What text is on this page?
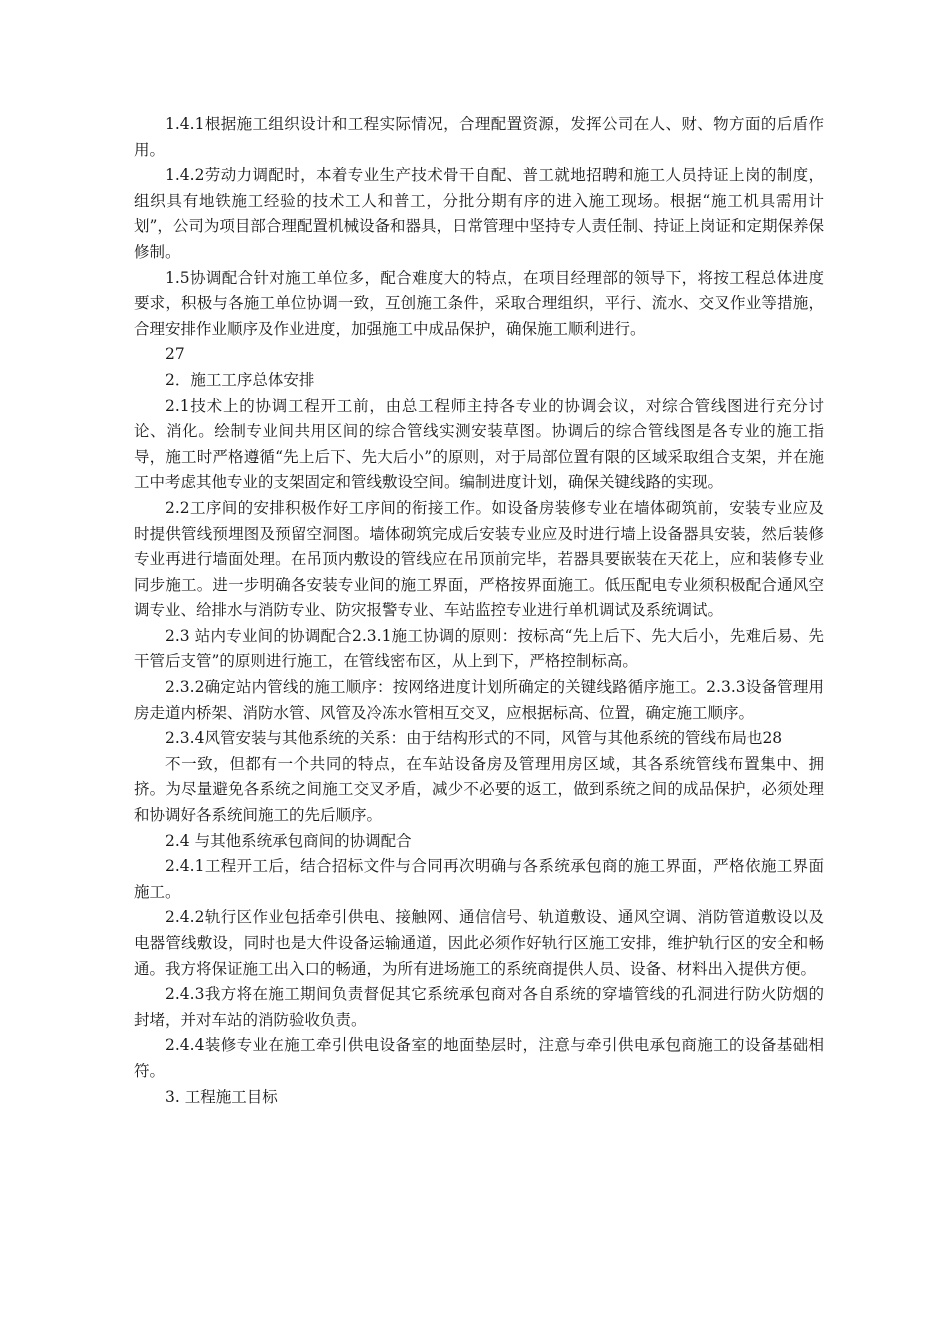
1.4.1根据施工组织设计和工程实际情况，合理配置资源，发挥公司在人、财、物方面的后盾作用。

1.4.2劳动力调配时，本着专业生产技术骨干自配、普工就地招聘和施工人员持证上岗的制度，组织具有地铁施工经验的技术工人和普工，分批分期有序的进入施工现场。根据“施工机具需用计划”，公司为项目部合理配置机械设备和器具，日常管理中坚持专人责任制、持证上岗证和定期保养保修制。

1.5协调配合针对施工单位多，配合难度大的特点，在项目经理部的领导下，将按工程总体进度要求，积极与各施工单位协调一致，互创施工条件，采取合理组织，平行、流水、交叉作业等措施，合理安排作业顺序及作业进度，加强施工中成品保护，确保施工顺利进行。

27

2．施工工序总体安排

2.1技术上的协调工程开工前，由总工程师主持各专业的协调会议，对综合管线图进行充分讨论、消化。绘制专业间共用区间的综合管线实测安装草图。协调后的综合管线图是各专业的施工指导，施工时严格遵循“先上后下、先大后小”的原则，对于局部位置有限的区域采取组合支架，并在施工中考虑其他专业的支架固定和管线敷设空间。编制进度计划，确保关键线路的实现。

2.2工序间的安排积极作好工序间的衔接工作。如设备房装修专业在墙体砌筑前，安装专业应及时提供管线预埋图及预留空洞图。墙体砌筑完成后安装专业应及时进行墙上设备器具安装，然后装修专业再进行墙面处理。在吊顶内敷设的管线应在吊顶前完毕，若器具要嵌装在天花上，应和装修专业同步施工。进一步明确各安装专业间的施工界面，严格按界面施工。低压配电专业须积极配合通风空调专业、给排水与消防专业、防灾报警专业、车站监控专业进行单机调试及系统调试。

2.3 站内专业间的协调配合2.3.1施工协调的原则：按标高“先上后下、先大后小，先难后易、先干管后支管”的原则进行施工，在管线密布区，从上到下，严格控制标高。

2.3.2确定站内管线的施工顺序：按网络进度计划所确定的关键线路循序施工。2.3.3设备管理用房走道内桥架、消防水管、风管及冷冻水管相互交叉，应根据标高、位置，确定施工顺序。

2.3.4风管安装与其他系统的关系：由于结构形式的不同，风管与其他系统的管线布局也28

不一致，但都有一个共同的特点，在车站设备房及管理用房区域，其各系统管线布置集中、拥挤。为尽量避免各系统之间施工交叉矛盾，减少不必要的返工，做到系统之间的成品保护，必须处理和协调好各系统间施工的先后顺序。

2.4 与其他系统承包商间的协调配合

2.4.1工程开工后，结合招标文件与合同再次明确与各系统承包商的施工界面，严格依施工界面施工。

2.4.2轨行区作业包括牵引供电、接触网、通信信号、轨道敷设、通风空调、消防管道敷设以及电器管线敷设，同时也是大件设备运输通道，因此必须作好轨行区施工安排，维护轨行区的安全和畅通。我方将保证施工出入口的畅通，为所有进场施工的系统商提供人员、设备、材料出入提供方便。

2.4.3我方将在施工期间负责督促其它系统承包商对各自系统的穿墙管线的孔洞进行防火防烟的封堵，并对车站的消防验收负责。

2.4.4装修专业在施工牵引供电设备室的地面垫层时，注意与牵引供电承包商施工的设备基础相符。

3. 工程施工目标
